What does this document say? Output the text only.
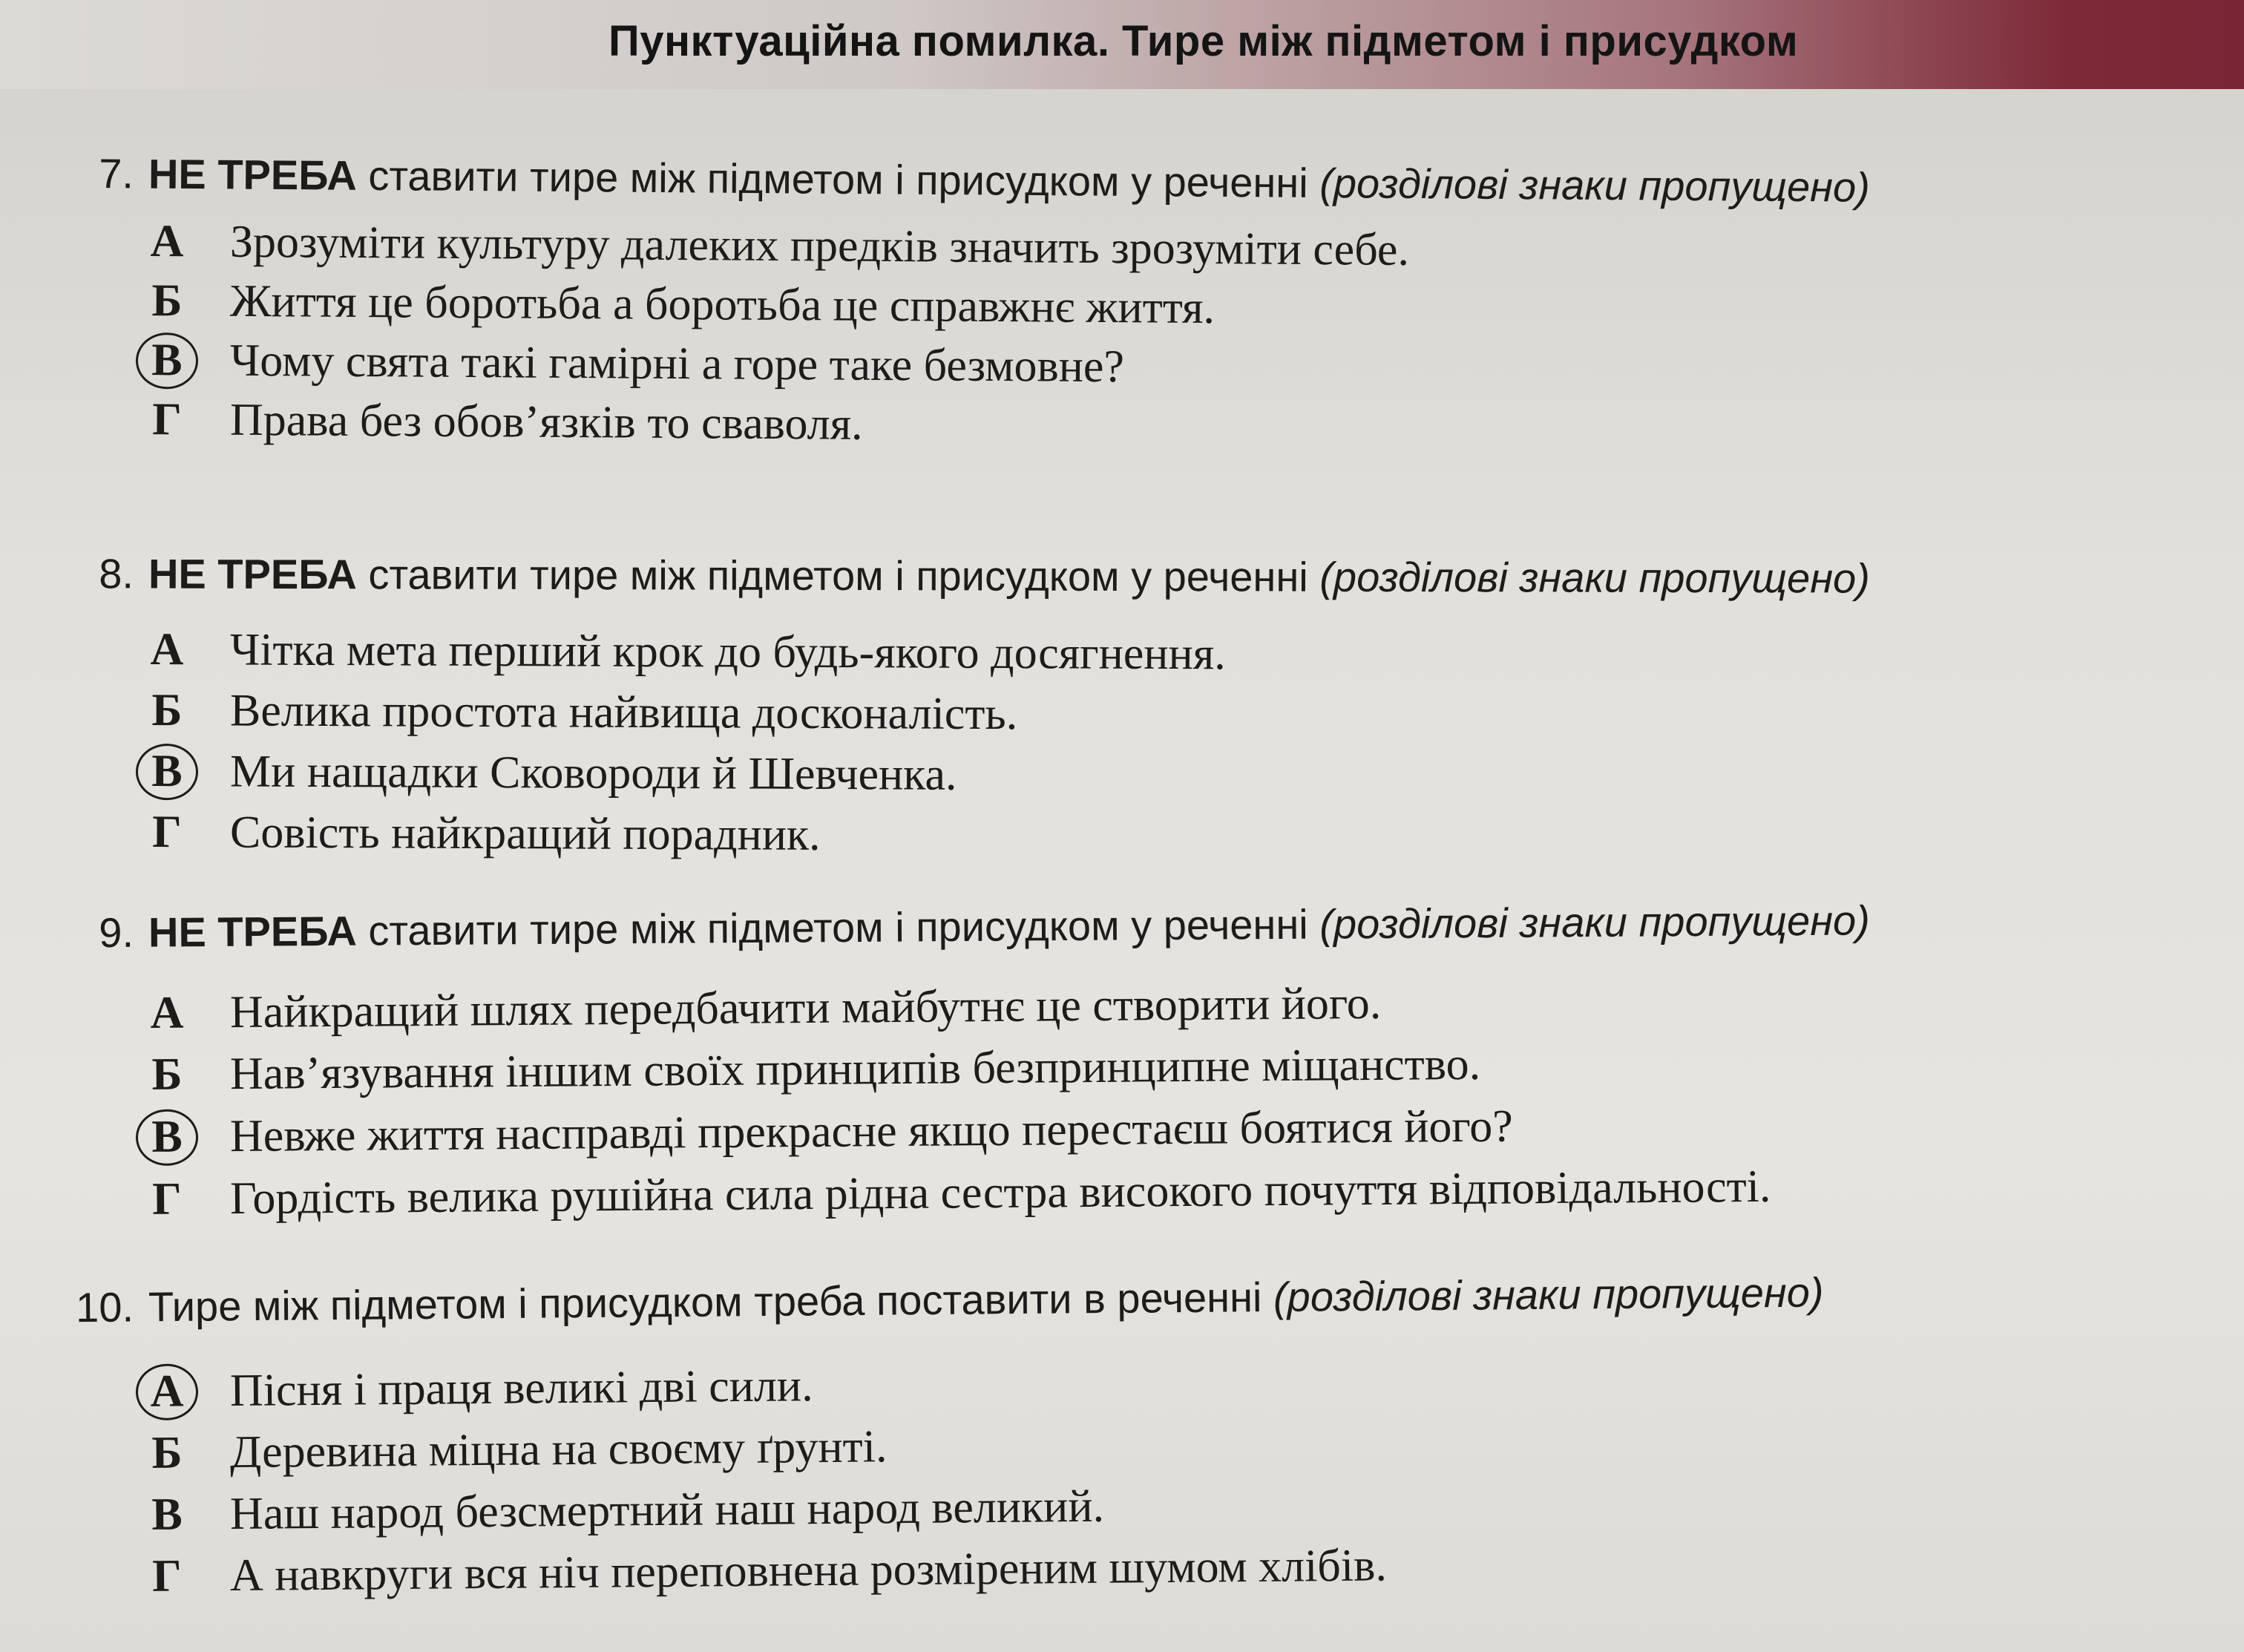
Пунктуаційна помилка. Тире між підметом і присудком
7. НЕ ТРЕБА ставити тире між підметом і присудком у реченні (розділові знаки пропущено)
А Зрозуміти культуру далеких предків значить зрозуміти себе.
Б Життя це боротьба а боротьба це справжнє життя.
В Чому свята такі гамірні а горе таке безмовне?
Г Права без обов’язків то сваволя.
8. НЕ ТРЕБА ставити тире між підметом і присудком у реченні (розділові знаки пропущено)
А Чітка мета перший крок до будь-якого досягнення.
Б Велика простота найвища досконалість.
В Ми нащадки Сковороди й Шевченка.
Г Совість найкращий порадник.
9. НЕ ТРЕБА ставити тире між підметом і присудком у реченні (розділові знаки пропущено)
А Найкращий шлях передбачити майбутнє це створити його.
Б Нав’язування іншим своїх принципів безпринципне міщанство.
В Невже життя насправді прекрасне якщо перестаєш боятися його?
Г Гордість велика рушійна сила рідна сестра високого почуття відповідальності.
10. Тире між підметом і присудком треба поставити в реченні (розділові знаки пропущено)
А Пісня і праця великі дві сили.
Б Деревина міцна на своєму ґрунті.
В Наш народ безсмертний наш народ великий.
Г А навкруги вся ніч переповнена розміреним шумом хлібів.
